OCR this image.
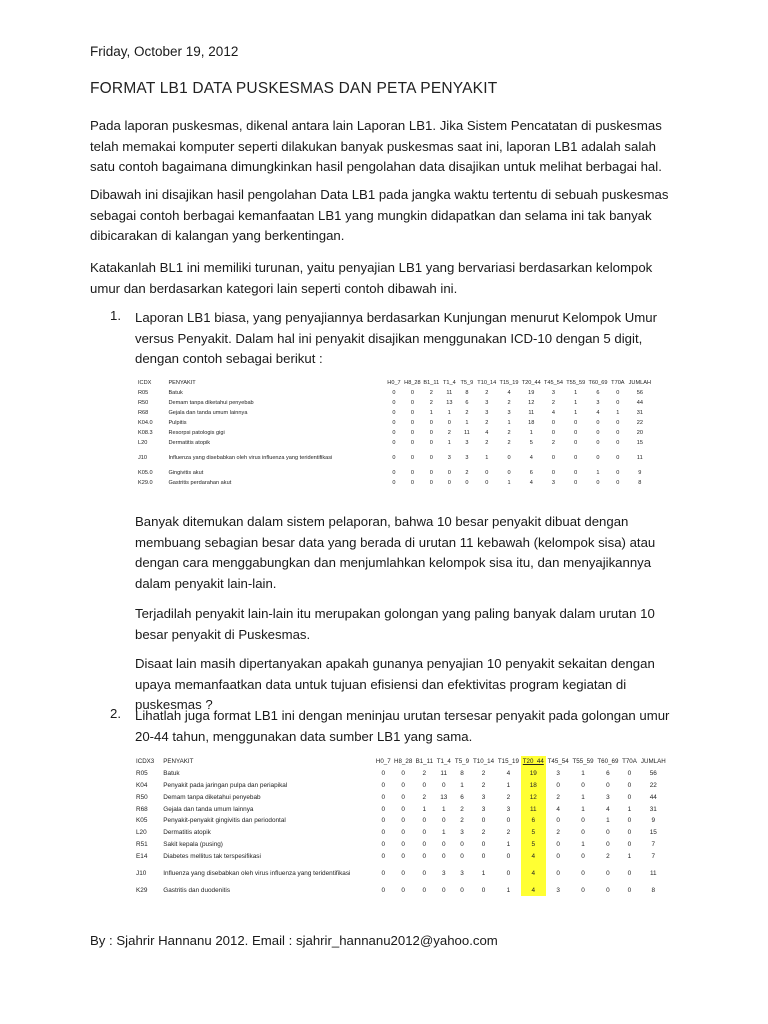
Friday, October 19, 2012
FORMAT LB1 DATA PUSKESMAS DAN PETA PENYAKIT
Pada laporan puskesmas, dikenal antara lain Laporan LB1. Jika Sistem Pencatatan di puskesmas telah memakai komputer seperti dilakukan banyak puskesmas saat ini, laporan LB1 adalah salah satu contoh bagaimana dimungkinkan hasil pengolahan data disajikan untuk melihat berbagai hal.
Dibawah ini disajikan hasil pengolahan Data LB1 pada jangka waktu tertentu di sebuah puskesmas sebagai contoh berbagai kemanfaatan LB1 yang mungkin didapatkan dan selama ini tak banyak dibicarakan di kalangan yang berkentingan.
Katakanlah BL1 ini memiliki turunan, yaitu penyajian LB1 yang bervariasi berdasarkan kelompok umur dan berdasarkan kategori lain seperti contoh dibawah ini.
1. Laporan LB1 biasa, yang penyajiannya berdasarkan Kunjungan menurut Kelompok Umur versus Penyakit. Dalam hal ini penyakit disajikan menggunakan ICD-10 dengan 5 digit, dengan contoh sebagai berikut :
ICDX	PENYAKIT	H0_7	H8_28	B1_11	T1_4	T5_9	T10_14	T15_19	T20_44	T45_54	T55_59	T60_69	T70A	JUMLAH
R05	Batuk	0	0	2	11	8	2	4	19	3	1	6	0	56
R50	Demam tanpa diketahui penyebab	0	0	2	13	6	3	2	12	2	1	3	0	44
R68	Gejala dan tanda umum lainnya	0	0	1	1	2	3	3	11	4	1	4	1	31
K04.0	Pulpitis	0	0	0	0	1	2	1	18	0	0	0	0	22
K08.3	Resorpsi patologis gigi	0	0	0	2	11	4	2	1	0	0	0	0	20
L20	Dermatitis atopik	0	0	0	1	3	2	2	5	2	0	0	0	15
J10	Influenza yang disebabkan oleh virus influenza yang teridentifikasi	0	0	0	3	3	1	0	4	0	0	0	0	11
K05.0	Gingivitis akut	0	0	0	0	2	0	0	6	0	0	1	0	9
K29.0	Gastritis perdarahan akut	0	0	0	0	0	0	1	4	3	0	0	0	8
Banyak ditemukan dalam sistem pelaporan, bahwa 10 besar penyakit dibuat dengan membuang sebagian besar data yang berada di urutan 11 kebawah (kelompok sisa) atau dengan cara menggabungkan dan menjumlahkan kelompok sisa itu, dan menyajikannya dalam penyakit lain-lain.
Terjadilah penyakit lain-lain itu merupakan golongan yang paling banyak dalam urutan 10 besar penyakit di Puskesmas.
Disaat lain masih dipertanyakan apakah gunanya penyajian 10 penyakit sekaitan dengan upaya memanfaatkan data untuk tujuan efisiensi dan efektivitas program kegiatan di puskesmas ?
2. Lihatlah juga format LB1 ini dengan meninjau urutan tersesar penyakit pada golongan umur 20-44 tahun, menggunakan data sumber LB1 yang sama.
ICDX3	PENYAKIT	H0_7	H8_28	B1_11	T1_4	T5_9	T10_14	T15_19	T20_44	T45_54	T55_59	T60_69	T70A	JUMLAH
R05	Batuk	0	0	2	11	8	2	4	19	3	1	6	0	56
K04	Penyakit pada jaringan pulpa dan periapikal	0	0	0	0	1	2	1	18	0	0	0	0	22
R50	Demam tanpa diketahui penyebab	0	0	2	13	6	3	2	12	2	1	3	0	44
R68	Gejala dan tanda umum lainnya	0	0	1	1	2	3	3	11	4	1	4	1	31
K05	Penyakit-penyakit gingivitis dan periodontal	0	0	0	0	2	0	0	6	0	0	1	0	9
L20	Dermatitis atopik	0	0	0	1	3	2	2	5	2	0	0	0	15
R51	Sakit kepala (pusing)	0	0	0	0	0	0	1	5	0	1	0	0	7
E14	Diabetes mellitus tak terspesifikasi	0	0	0	0	0	0	0	4	0	0	2	1	7
J10	Influenza yang disebabkan oleh virus influenza yang teridentifikasi	0	0	0	3	3	1	0	4	0	0	0	0	11
K29	Gastritis dan duodenitis	0	0	0	0	0	0	1	4	3	0	0	0	8
By : Sjahrir Hannanu 2012. Email : sjahrir_hannanu2012@yahoo.com
